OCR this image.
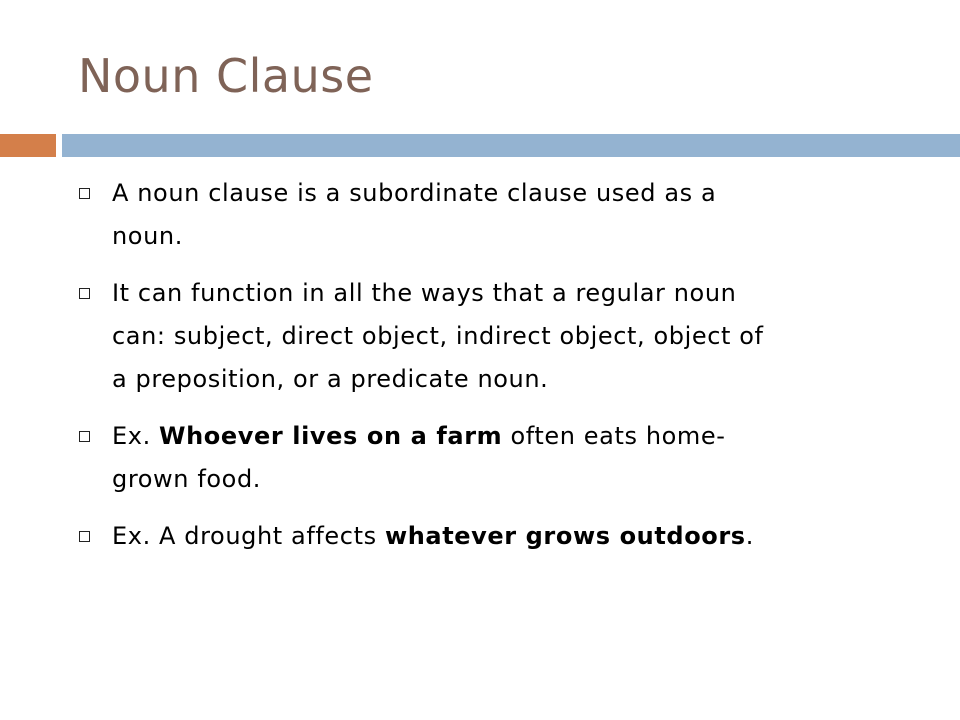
Noun Clause
A noun clause is a subordinate clause used as a
noun.
It can function in all the ways that a regular noun
can: subject, direct object, indirect object, object of
a preposition, or a predicate noun.
Ex. Whoever lives on a farm often eats home-
grown food.
Ex. A drought affects whatever grows outdoors.
